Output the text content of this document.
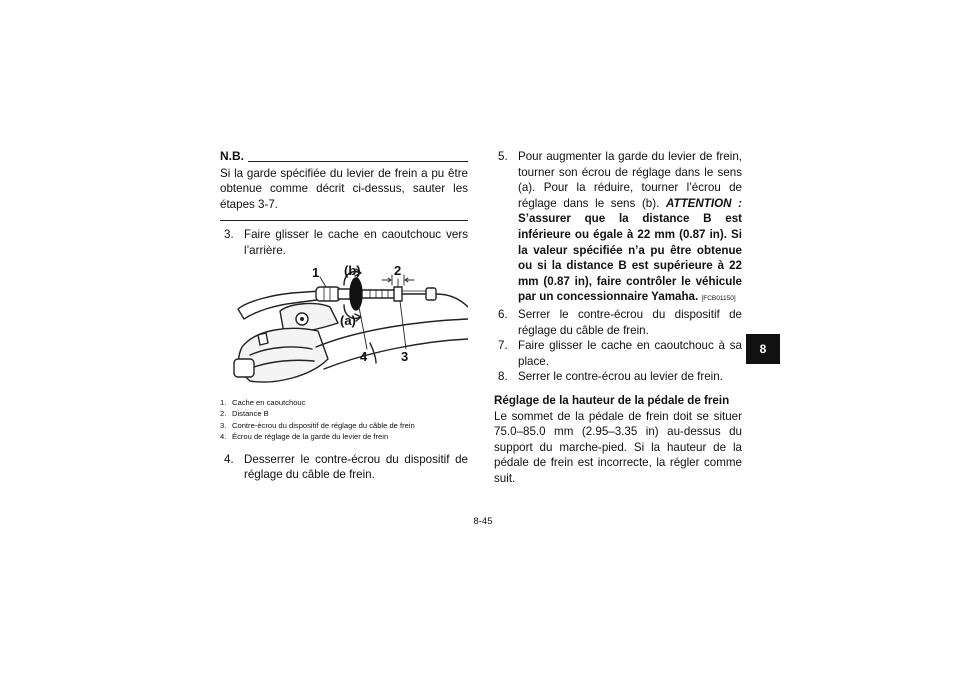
N.B.
Si la garde spécifiée du levier de frein a pu être obtenue comme décrit ci-dessus, sauter les étapes 3-7.
3. Faire glisser le cache en caoutchouc vers l’arrière.
1 (b)	2
(a)
4	3
1. Cache en caoutchouc
2. Distance B
3. Contre-écrou du dispositif de réglage du câble de frein
4. Écrou de réglage de la garde du levier de frein
4. Desserrer le contre-écrou du dispositif de réglage du câble de frein.
5. Pour augmenter la garde du levier de frein, tourner son écrou de réglage dans le sens (a). Pour la réduire, tourner l’écrou de réglage dans le sens (b). ATTENTION : S’assurer que la distance B est inférieure ou égale à 22 mm (0.87 in). Si la valeur spécifiée n’a pu être obtenue ou si la distance B est supérieure à 22 mm (0.87 in), faire contrôler le véhicule par un concessionnaire Yamaha. [FCB01150]
6. Serrer le contre-écrou du dispositif de réglage du câble de frein.
7. Faire glisser le cache en caoutchouc à sa place.
8. Serrer le contre-écrou au levier de frein.
Réglage de la hauteur de la pédale de frein
Le sommet de la pédale de frein doit se situer 75.0–85.0 mm (2.95–3.35 in) au-dessus du support du marche-pied. Si la hauteur de la pédale de frein est incorrecte, la régler comme suit.
8
8-45
